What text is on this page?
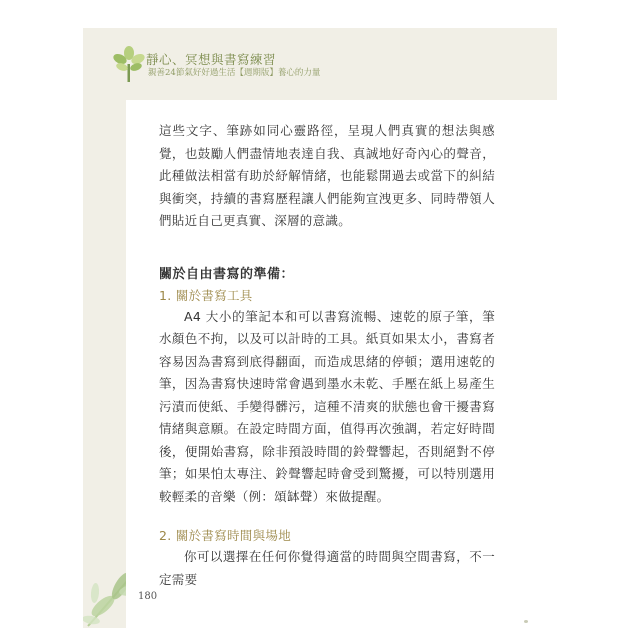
靜心、冥想與書寫練習
親善24節氣好好過生活【週期版】養心的力量

這些文字、筆跡如同心靈路徑，呈現人們真實的想法與感覺，也鼓勵人們盡情地表達自我、真誠地好奇內心的聲音，此種做法相當有助於紓解情緒，也能鬆開過去或當下的糾結與衝突，持續的書寫歷程讓人們能夠宣洩更多、同時帶領人們貼近自己更真實、深層的意識。

關於自由書寫的準備：
1. 關於書寫工具

A4 大小的筆記本和可以書寫流暢、速乾的原子筆，筆水顏色不拘，以及可以計時的工具。紙頁如果太小，書寫者容易因為書寫到底得翻面，而造成思緒的停頓；選用速乾的筆，因為書寫快速時常會遇到墨水未乾、手壓在紙上易產生污漬而使紙、手變得髒污，這種不清爽的狀態也會干擾書寫情緒與意願。在設定時間方面，值得再次強調，若定好時間後，便開始書寫，除非預設時間的鈴聲響起，否則絕對不停筆；如果怕太專注、鈴聲響起時會受到驚擾，可以特別選用較輕柔的音樂（例：頌缽聲）來做提醒。

2. 關於書寫時間與場地

你可以選擇在任何你覺得適當的時間與空間書寫，不一定需要

180
